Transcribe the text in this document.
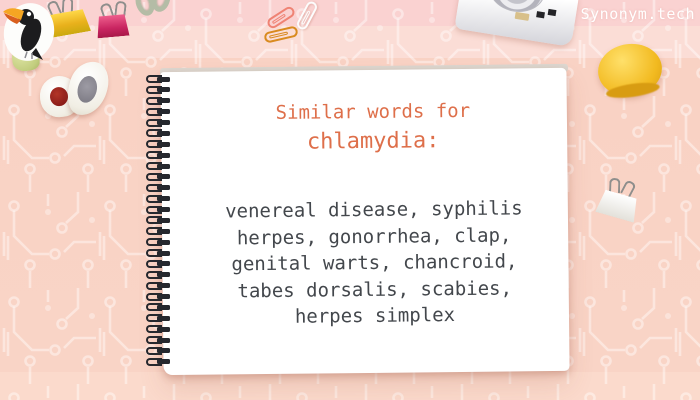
Similar words for
chlamydia:
venereal disease, syphilis
herpes, gonorrhea, clap,
genital warts, chancroid,
tabes dorsalis, scabies,
herpes simplex
Synonym.tech
